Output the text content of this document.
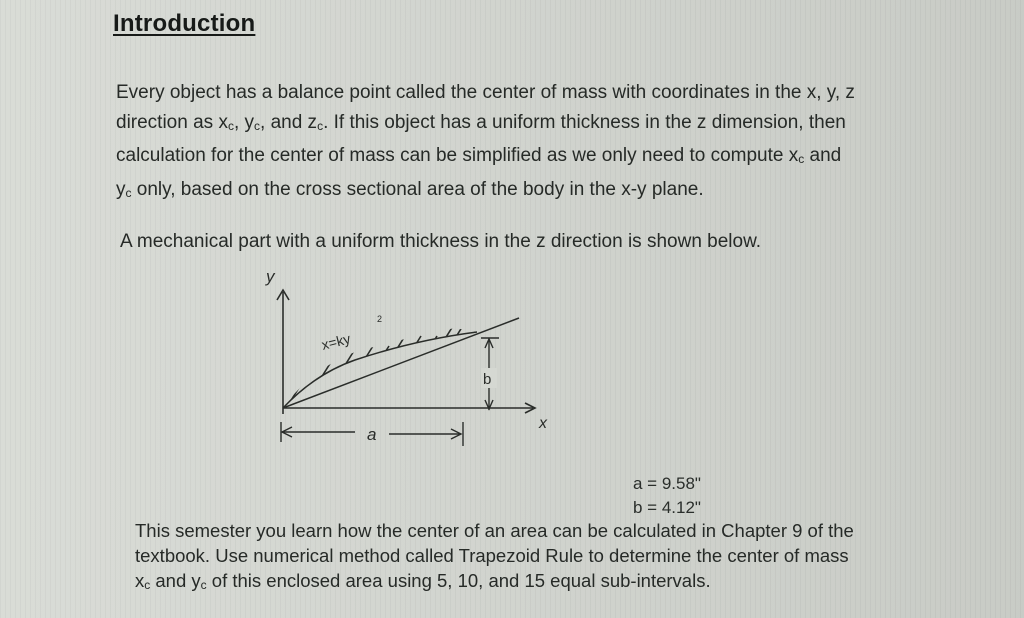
Introduction
Every object has a balance point called the center of mass with coordinates in the x, y, z
direction as $x_c$, $y_c$, and $z_c$. If this object has a uniform thickness in the z dimension, then
calculation for the center of mass can be simplified as we only need to compute $x_c$ and
$y_c$ only, based on the cross sectional area of the body in the x-y plane.
A mechanical part with a uniform thickness in the z direction is shown below.
y
x
x=ky
2
b
a
a = 9.58"
b = 4.12"
This semester you learn how the center of an area can be calculated in Chapter 9 of the
textbook. Use numerical method called Trapezoid Rule to determine the center of mass
$x_c$ and $y_c$ of this enclosed area using 5, 10, and 15 equal sub-intervals.
